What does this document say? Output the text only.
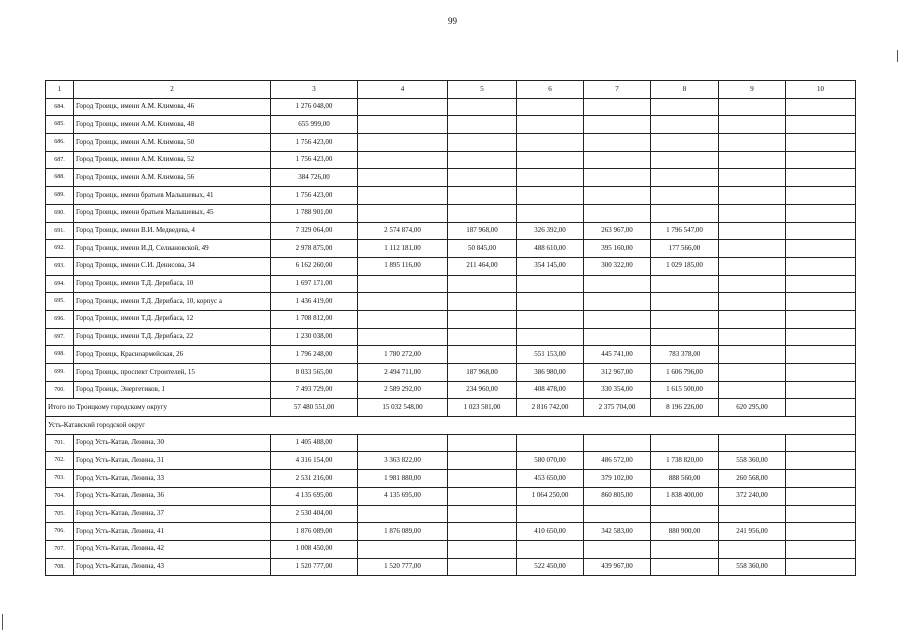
99
1	2	3	4	5	6	7	8	9	10
684.	Город Троицк, имени А.М. Климова, 46	1 276 048,00							
685.	Город Троицк, имени А.М. Климова, 48	655 999,00							
686.	Город Троицк, имени А.М. Климова, 50	1 756 423,00							
687.	Город Троицк, имени А.М. Климова, 52	1 756 423,00							
688.	Город Троицк, имени А.М. Климова, 56	384 726,00							
689.	Город Троицк, имени братьев Малышевых, 41	1 756 423,00							
690.	Город Троицк, имени братьев Малышевых, 45	1 788 901,00							
691.	Город Троицк, имени В.И. Медведева, 4	7 329 064,00	2 574 874,00	187 968,00	326 392,00	263 967,00	1 796 547,00		
692.	Город Троицк, имени И.Д. Селиановской, 49	2 978 875,00	1 112 181,00	50 845,00	488 610,00	395 160,00	177 566,00		
693.	Город Троицк, имени С.И. Денисова, 34	6 162 260,00	1 895 116,00	211 464,00	354 145,00	300 322,00	1 029 185,00		
694.	Город Троицк, имени Т.Д. Дерибаса, 10	1 697 171,00							
695.	Город Троицк, имени Т.Д. Дерибаса, 10, корпус а	1 436 419,00							
696.	Город Троицк, имени Т.Д. Дерибаса, 12	1 708 812,00							
697.	Город Троицк, имени Т.Д. Дерибаса, 22	1 230 038,00							
698.	Город Троицк, Красноармейская, 26	1 796 248,00	1 780 272,00		551 153,00	445 741,00	783 378,00		
699.	Город Троицк, проспект Строителей, 15	8 033 565,00	2 494 711,00	187 968,00	386 980,00	312 967,00	1 606 796,00		
700.	Город Троицк, Энергетиков, 1	7 493 729,00	2 589 292,00	234 960,00	408 478,00	330 354,00	1 615 500,00		
Итого по Троицкому городскому округу		57 480 551,00	15 032 548,00	1 023 581,00	2 816 742,00	2 375 704,00	8 196 226,00	620 295,00	
Усть-Катавский городской округ									
701.	Город Усть-Катав, Ленина, 30	1 405 488,00							
702.	Город Усть-Катав, Ленина, 31	4 316 154,00	3 363 822,00		580 070,00	486 572,00	1 738 820,00	558 360,00	
703.	Город Усть-Катав, Ленина, 33	2 531 216,00	1 981 880,00		453 650,00	379 102,00	888 560,00	260 568,00	
704.	Город Усть-Катав, Ленина, 36	4 135 695,00	4 135 695,00		1 064 250,00	860 805,00	1 838 400,00	372 240,00	
705.	Город Усть-Катав, Ленина, 37	2 530 404,00							
706.	Город Усть-Катав, Ленина, 41	1 876 089,00	1 876 089,00		410 650,00	342 583,00	880 900,00	241 956,00	
707.	Город Усть-Катав, Ленина, 42	1 008 450,00							
708.	Город Усть-Катав, Ленина, 43	1 520 777,00	1 520 777,00		522 450,00	439 967,00		558 360,00	
